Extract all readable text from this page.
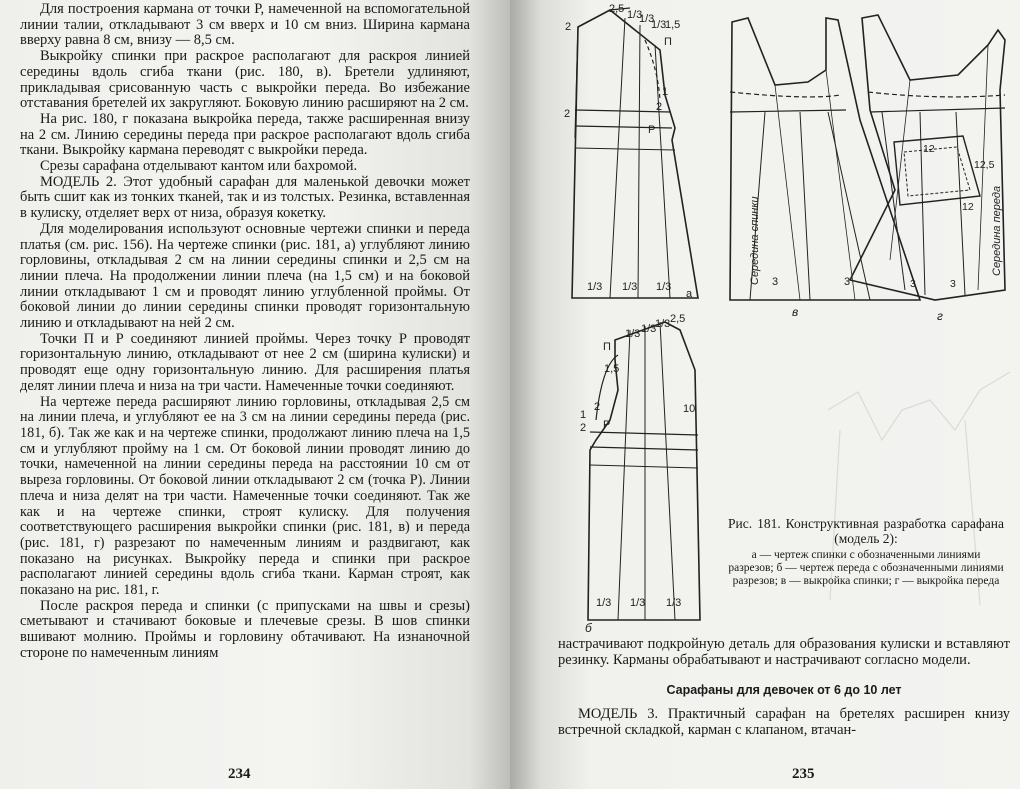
Для построения кармана от точки Р, намеченной на вспомогательной линии талии, откладывают 3 см вверх и 10 см вниз. Ширина кармана вверху равна 8 см, внизу — 8,5 см.

Выкройку спинки при раскрое располагают для раскроя линией середины вдоль сгиба ткани (рис. 180, в). Бретели удлиняют, прикладывая срисованную часть с выкройки переда. Во избежание отставания бретелей их закругляют. Боковую линию расширяют на 2 см.

На рис. 180, г показана выкройка переда, также расширенная внизу на 2 см. Линию середины переда при раскрое располагают вдоль сгиба ткани. Выкройку кармана переводят с выкройки переда.

Срезы сарафана отделывают кантом или бахромой.

МОДЕЛЬ 2. Этот удобный сарафан для маленькой девочки может быть сшит как из тонких тканей, так и из толстых. Резинка, вставленная в кулиску, отделяет верх от низа, образуя кокетку.

Для моделирования используют основные чертежи спинки и переда платья (см. рис. 156). На чертеже спинки (рис. 181, а) углубляют линию горловины, откладывая 2 см на линии середины спинки и 2,5 см на линии плеча. На продолжении линии плеча (на 1,5 см) и на боковой линии откладывают 1 см и проводят линию углубленной проймы. От боковой линии до линии середины спинки проводят горизонтальную линию и откладывают на ней 2 см.

Точки П и Р соединяют линией проймы. Через точку Р проводят горизонтальную линию, откладывают от нее 2 см (ширина кулиски) и проводят еще одну горизонтальную линию. Для расширения платья делят линии плеча и низа на три части. Намеченные точки соединяют.

На чертеже переда расширяют линию горловины, откладывая 2,5 см на линии плеча, и углубляют ее на 3 см на линии середины переда (рис. 181, б). Так же как и на чертеже спинки, продолжают линию плеча на 1,5 см и углубляют пройму на 1 см. От боковой линии проводят линию до точки, намеченной на линии середины переда на расстоянии 10 см от выреза горловины. От боковой линии откладывают 2 см (точка Р). Линии плеча и низа делят на три части. Намеченные точки соединяют. Так же как и на чертеже спинки, строят кулиску. Для получения соответствующего расширения выкройки спинки (рис. 181, в) и переда (рис. 181, г) разрезают по намеченным линиям и раздвигают, как показано на рисунках. Выкройку переда и спинки при раскрое располагают линией середины вдоль сгиба ткани. Карман строят, как показано на рис. 181, г.

После раскроя переда и спинки (с припусками на швы и срезы) сметывают и стачивают боковые и плечевые срезы. В шов спинки вшивают молнию. Проймы и горловину обтачивают. На изнаночной стороне по намеченным линиям

234
2,5 1/3
1/3
1/3
1,5
П
2
1
2
Р
2
1/3 1/3 1/3
а
Середина спинки 3	3
в
12
12,5
12 Середина переда
3	3
г
1/3 1/3
1/3 2,5
П
1,5
1
2
2 Р
10
1/3 1/3 1/3
б
Рис. 181. Конструктивная разработка сарафана (модель 2):
а — чертеж спинки с обозначенными линиями разрезов; б — чертеж переда с обозначенными линиями разрезов; в — выкройка спинки; г — выкройка переда

настрачивают подкройную деталь для образования кулиски и вставляют резинку. Карманы обрабатывают и настрачивают согласно модели.

Сарафаны для девочек от 6 до 10 лет

МОДЕЛЬ 3. Практичный сарафан на бретелях расширен книзу встречной складкой, карман с клапаном, втачан-

235
